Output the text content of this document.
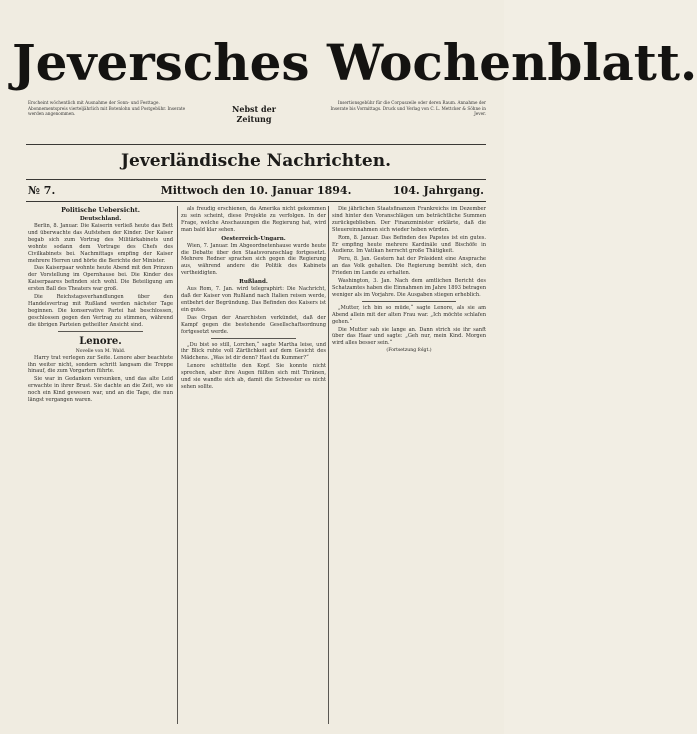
Jeversches Wochenblatt.
Erscheint wöchentlich mit Ausnahme der Sonn- und Festtage. Abonnementspreis vierteljährlich mit Botenlohn und Postgebühr. Inserate werden angenommen.	Nebst der Zeitung
Insertionsgebühr für die Corpuszeile oder deren Raum. Annahme der Inserate bis Vormittags. Druck und Verlag von C. L. Mettcker & Söhne in Jever.
Jeverländische Nachrichten.
№ 7.	Mittwoch den 10. Januar 1894.	104. Jahrgang.
Politische Uebersicht.
Deutschland.

Berlin, 8. Januar. Die Kaiserin verließ heute das Bett und überwachte das Aufstehen der Kinder. Der Kaiser begab sich zum Vortrag des Militärkabinets und wohnte sodann dem Vortrage des Chefs des Civilkabinets bei. Nachmittags empfing der Kaiser mehrere Herren und hörte die Berichte der Minister.

Das Kaiserpaar wohnte heute Abend mit den Prinzen der Vorstellung im Opernhause bei. Die Kinder des Kaiserpaares befinden sich wohl. Die Beteiligung am ersten Ball des Theaters war groß.

Die Reichstagsverhandlungen über den Handelsvertrag mit Rußland werden nächster Tage beginnen. Die konservative Partei hat beschlossen, geschlossen gegen den Vertrag zu stimmen, während die übrigen Parteien getheilter Ansicht sind.

Lenore.
Novelle von M. Wald.

Harry trat verlegen zur Seite. Lenore aber beachtete ihn weiter nicht, sondern schritt langsam die Treppe hinauf, die zum Vorgarten führte.

Sie war in Gedanken versunken, und das alte Leid erwachte in ihrer Brust. Sie dachte an die Zeit, wo sie noch ein Kind gewesen war, und an die Tage, die nun längst vergangen waren.

als freudig erschienen, da Amerika nicht gekommen zu sein scheint, diese Projekte zu verfolgen. In der Frage, welche Anschauungen die Regierung hat, wird man bald klar sehen.

Oesterreich-Ungarn.

Wien, 7. Januar. Im Abgeordnetenhause wurde heute die Debatte über den Staatsvoranschlag fortgesetzt. Mehrere Redner sprachen sich gegen die Regierung aus, während andere die Politik des Kabinets vertheidigten.

Rußland.

Aus Rom, 7. Jan. wird telegraphirt: Die Nachricht, daß der Kaiser von Rußland nach Italien reisen werde, entbehrt der Begründung. Das Befinden des Kaisers ist ein gutes.

Das Organ der Anarchisten verkündet, daß der Kampf gegen die bestehende Gesellschaftsordnung fortgesetzt werde.

„Du bist so still, Lorchen,“ sagte Martha leise, und ihr Blick ruhte voll Zärtlichkeit auf dem Gesicht des Mädchens. „Was ist dir denn? Hast du Kummer?“

Lenore schüttelte den Kopf. Sie konnte nicht sprechen, aber ihre Augen füllten sich mit Thränen, und sie wandte sich ab, damit die Schwester es nicht sehen sollte.

Die jährlichen Staatsfinanzen Frankreichs im Dezember sind hinter den Voranschlägen um beträchtliche Summen zurückgeblieben. Der Finanzminister erklärte, daß die Steuereinnahmen sich wieder heben würden.

Rom, 8. Januar. Das Befinden des Papstes ist ein gutes. Er empfing heute mehrere Kardinäle und Bischöfe in Audienz. Im Vatikan herrscht große Thätigkeit.

Peru, 8. Jan. Gestern hat der Präsident eine Ansprache an das Volk gehalten. Die Regierung bemüht sich, den Frieden im Lande zu erhalten.

Washington, 3. Jan. Nach dem amtlichen Bericht des Schatzamtes haben die Einnahmen im Jahre 1893 betragen weniger als im Vorjahre. Die Ausgaben stiegen erheblich.

„Mutter, ich bin so müde,“ sagte Lenore, als sie am Abend allein mit der alten Frau war. „Ich möchte schlafen gehen.“

Die Mutter sah sie lange an. Dann strich sie ihr sanft über das Haar und sagte: „Geh nur, mein Kind. Morgen wird alles besser sein.“

(Fortsetzung folgt.)
